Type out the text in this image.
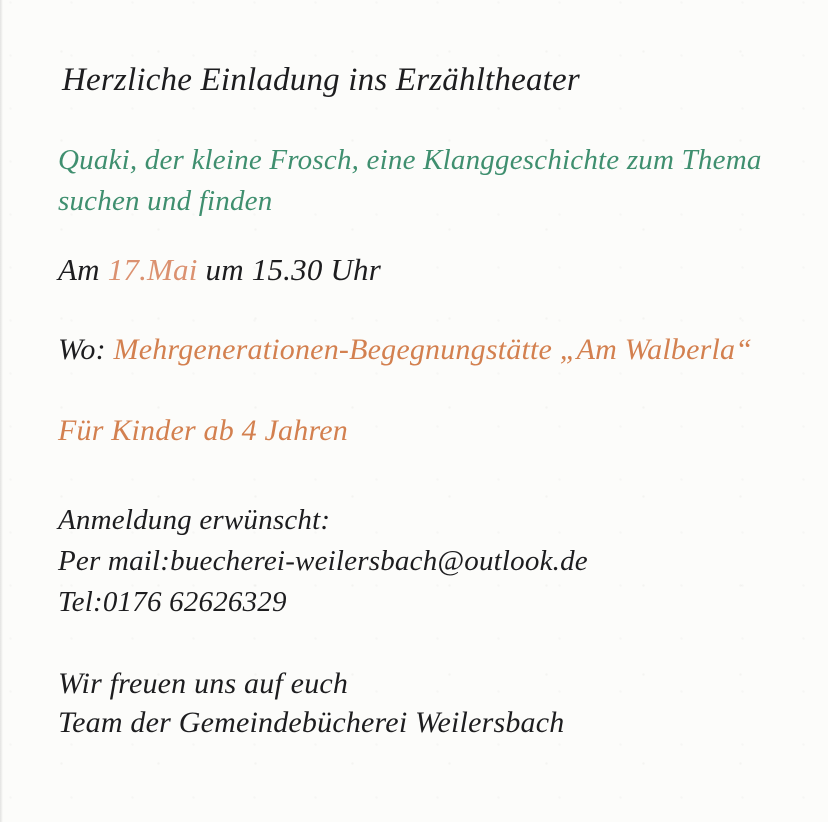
Herzliche Einladung ins Erzähltheater
Quaki, der kleine Frosch, eine Klanggeschichte zum Thema
suchen und finden
Am 17.Mai um 15.30 Uhr
Wo: Mehrgenerationen-Begegnungstätte „Am Walberla“
Für Kinder ab 4 Jahren
Anmeldung erwünscht:
Per mail:buecherei-weilersbach@outlook.de
Tel:0176 62626329
Wir freuen uns auf euch
Team der Gemeindebücherei Weilersbach
